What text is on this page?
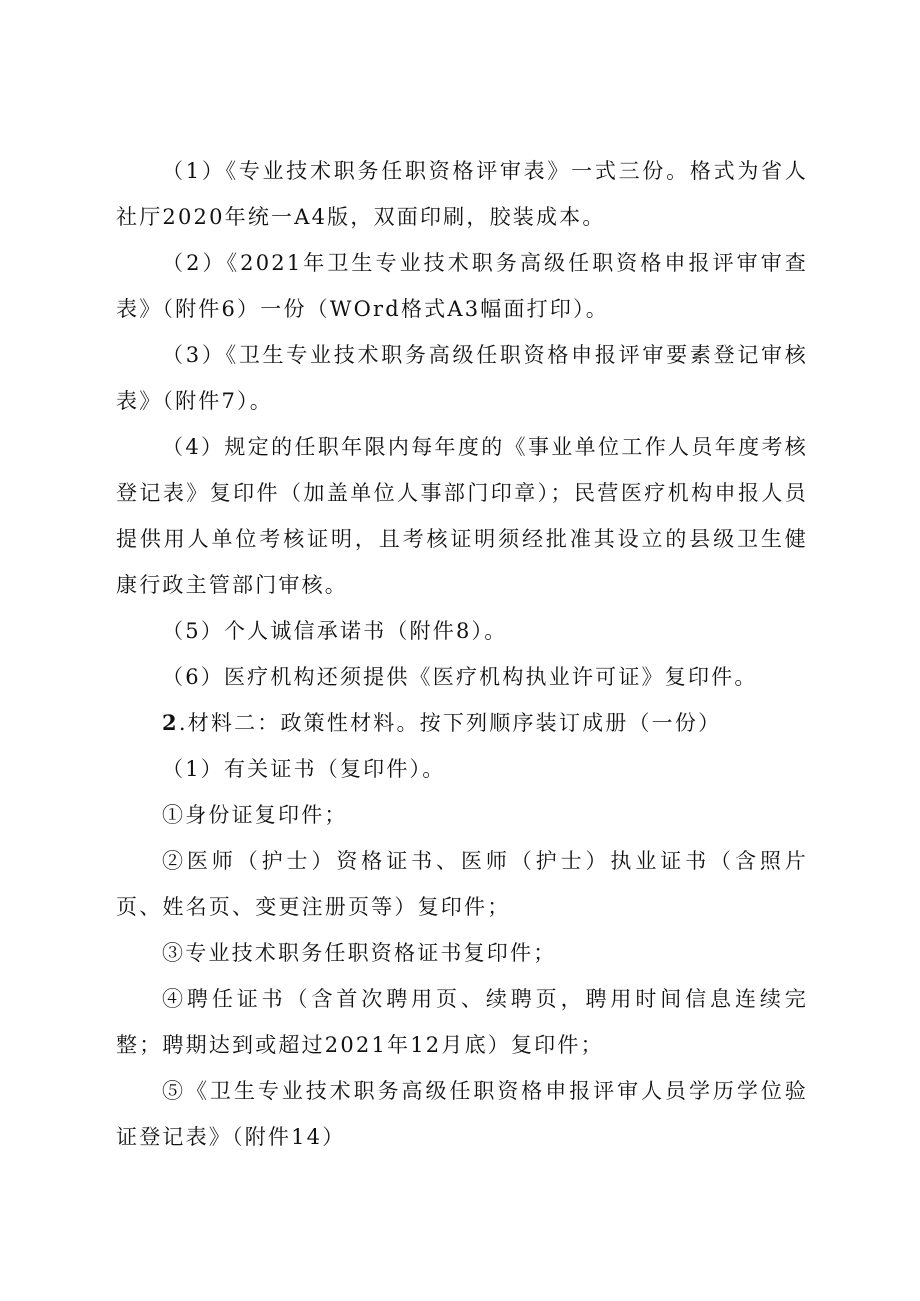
（1）《专业技术职务任职资格评审表》一式三份。格式为省人社厅2020年统一A4版，双面印刷，胶装成本。

（2）《2021年卫生专业技术职务高级任职资格申报评审审查表》（附件6）一份（WOrd格式A3幅面打印）。

（3）《卫生专业技术职务高级任职资格申报评审要素登记审核表》（附件7）。

（4）规定的任职年限内每年度的《事业单位工作人员年度考核登记表》复印件（加盖单位人事部门印章）；民营医疗机构申报人员提供用人单位考核证明，且考核证明须经批准其设立的县级卫生健康行政主管部门审核。

（5）个人诚信承诺书（附件8）。

（6）医疗机构还须提供《医疗机构执业许可证》复印件。

2.材料二：政策性材料。按下列顺序装订成册（一份）

（1）有关证书（复印件）。

①身份证复印件；

②医师（护士）资格证书、医师（护士）执业证书（含照片页、姓名页、变更注册页等）复印件；

③专业技术职务任职资格证书复印件；

④聘任证书（含首次聘用页、续聘页，聘用时间信息连续完整；聘期达到或超过2021年12月底）复印件；

⑤《卫生专业技术职务高级任职资格申报评审人员学历学位验证登记表》（附件14）
